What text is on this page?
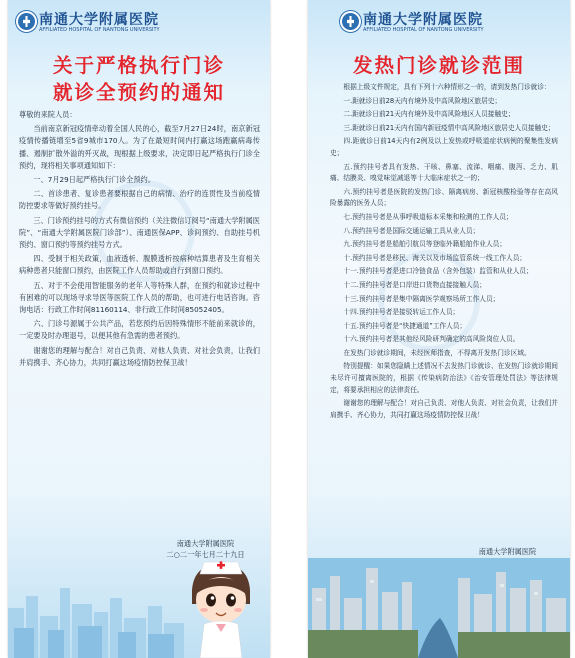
南通大学附属医院
AFFILIATED HOSPITAL OF NANTONG UNIVERSITY
关于严格执行门诊
就诊全预约的通知

尊敬的来院人员：

当前南京新冠疫情牵动着全国人民的心，截至7月27日24时，南京新冠疫情传播链增至5省9城市170人。为了在最短时间内打赢这场跑赢病毒传播、遏制扩散外溢的歼灭战，现根据上级要求，决定即日起严格执行门诊全预约，现将相关事项通知如下：

一、7月29日起严格执行门诊全预约。

二、首诊患者、复诊患者要根据自己的病情、治疗的连贯性及当前疫情防控要求等做好预约挂号。

三、门诊预约挂号的方式有微信预约（关注微信订阅号“南通大学附属医院”、“南通大学附属医院门诊部”）、南通医保APP、诊间预约、自助挂号机预约、窗口预约等预约挂号方式。

四、受制于相关政策，血液透析、腹膜透析按病种结算患者及生育相关病种患者只能窗口预约，由医院工作人员帮助或自行到窗口预约。

五、对于不会使用智能服务的老年人等特殊人群，在预约和就诊过程中有困难的可以现场寻求导医等医院工作人员的帮助，也可进行电话咨询。咨询电话：行政工作时间81160114、非行政工作时间85052405。

六、门诊号源属于公共产品，若您预约后因特殊情形不能前来就诊的，一定要及时办理退号，以便其他有急需的患者预约。

谢谢您的理解与配合！对自己负责、对他人负责、对社会负责，让我们并肩携手、齐心协力，共同打赢这场疫情防控保卫战！

南通大学附属医院
二○二一年七月二十九日
南通大学附属医院
AFFILIATED HOSPITAL OF NANTONG UNIVERSITY
发热门诊就诊范围

根据上级文件规定，具有下列十六种情形之一的，请到发热门诊就诊：

一.距就诊日前28天内有境外及中高风险地区旅居史；

二.距就诊日前21天内有境外及中高风险地区人员接触史；

三.距就诊日前21天内有国内新冠疫情中高风险地区旅居史人员接触史；

四.距就诊日前14天内有2例及以上发热或呼吸道症状病例的聚集性发病史；

五.预约挂号者具有发热、干咳、鼻塞、流涕、咽痛、腹泻、乏力、肌痛、结膜炎、嗅觉味觉减退等十大临床症状之一的；

六.预约挂号者是医院的发热门诊、隔离病房、新冠核酸检验等存在高风险暴露的医务人员；

七.预约挂号者是从事呼吸道标本采集和检测的工作人员；

八.预约挂号者是国际交通运输工具从业人员；

九.预约挂号者是船舶引航员等登临外籍船舶作业人员；

十.预约挂号者是移民、海关以及市场监管系统一线工作人员；

十一.预约挂号者是进口冷链食品（含外包装）监管和从业人员；

十二.预约挂号者是口岸进口货物直接接触人员；

十三.预约挂号者是集中隔离医学观察场所工作人员；

十四.预约挂号者是接驳转运工作人员；

十五.预约挂号者是“快捷通道”工作人员；

十六.预约挂号者是其他经风险研判确定的高风险岗位人员。

在发热门诊就诊期间，未经医师指查，不得离开发热门诊区域。

特别提醒：如果您隐瞒上述情况不去发热门诊就诊、在发热门诊就诊期间未尽许可擅离医院的，根据《传染病防治法》《治安管理处罚法》等法律规定，将要承担相应的法律责任。

谢谢您的理解与配合！对自己负责、对他人负责、对社会负责，让我们并肩携手、齐心协力，共同打赢这场疫情防控保卫战！

南通大学附属医院
